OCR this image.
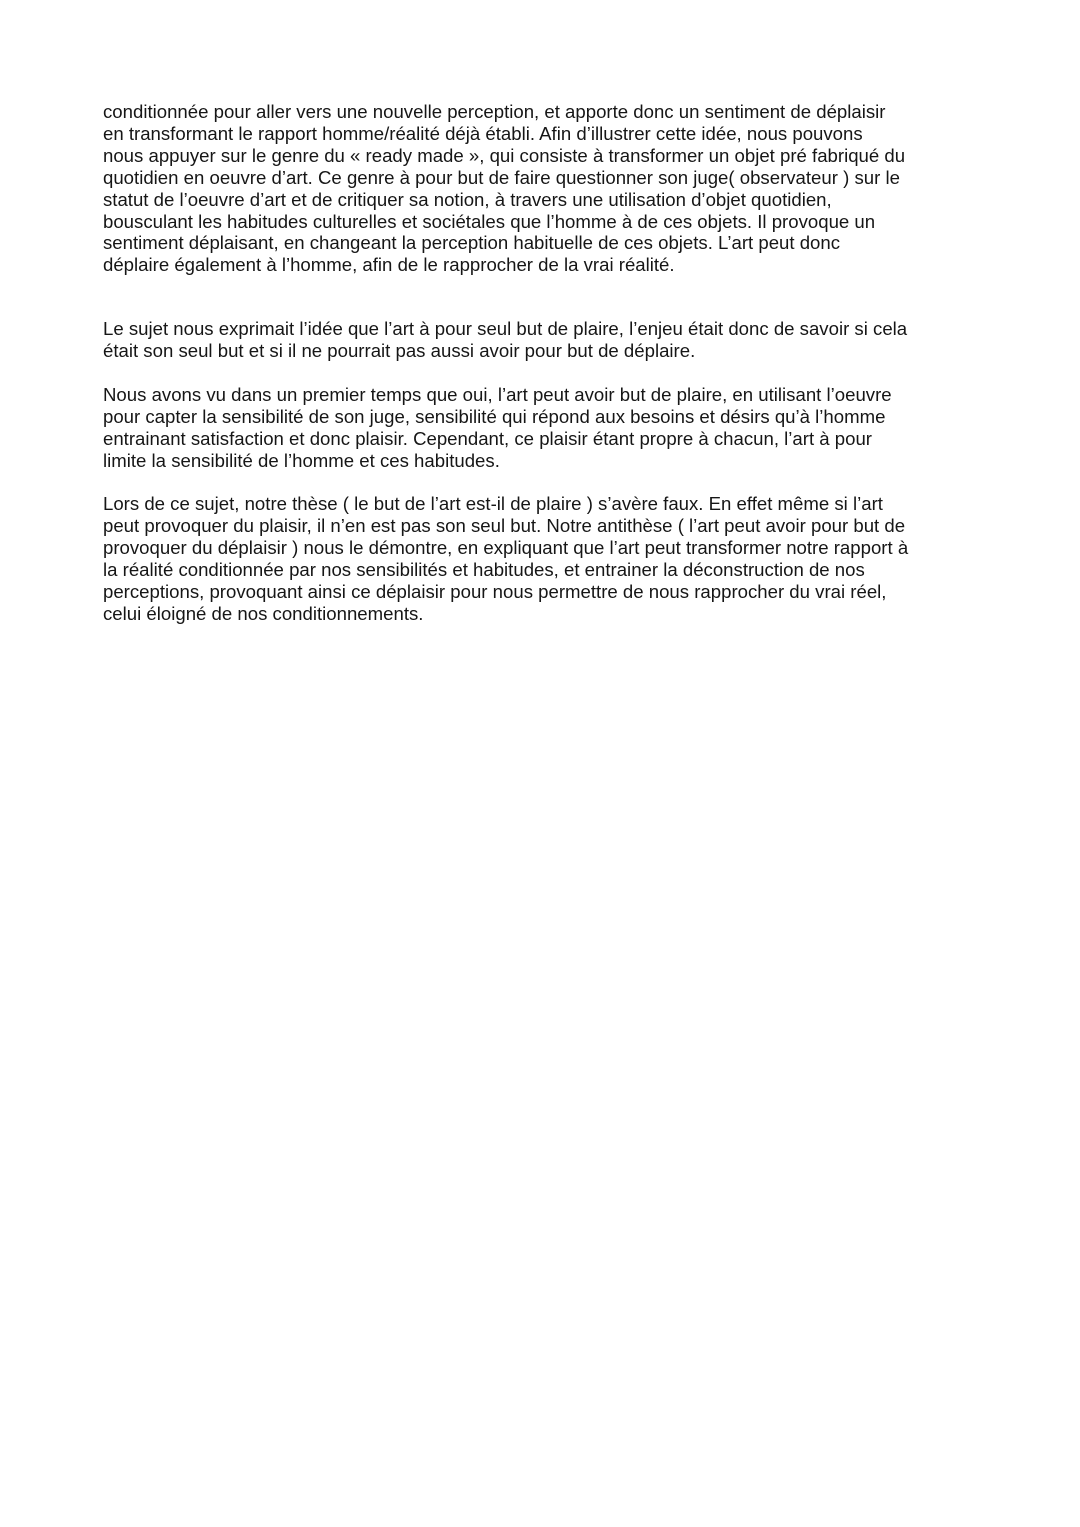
conditionnée pour aller vers une nouvelle perception, et apporte donc un sentiment de déplaisir
en transformant le rapport homme/réalité déjà établi. Afin d’illustrer cette idée, nous pouvons
nous appuyer sur le genre du « ready made », qui consiste à transformer un objet pré fabriqué du
quotidien en oeuvre d’art. Ce genre à pour but de faire questionner son juge( observateur ) sur le
statut de l’oeuvre d’art et de critiquer sa notion, à travers une utilisation d’objet quotidien,
bousculant les habitudes culturelles et sociétales que l’homme à de ces objets. Il provoque un
sentiment déplaisant, en changeant la perception habituelle de ces objets. L’art peut donc
déplaire également à l’homme, afin de le rapprocher de la vrai réalité.

Le sujet nous exprimait l’idée que l’art à pour seul but de plaire, l’enjeu était donc de savoir si cela
était son seul but et si il ne pourrait pas aussi avoir pour but de déplaire.

Nous avons vu dans un premier temps que oui, l’art peut avoir but de plaire, en utilisant l’oeuvre
pour capter la sensibilité de son juge, sensibilité qui répond aux besoins et désirs qu’à l’homme
entrainant satisfaction et donc plaisir. Cependant, ce plaisir étant propre à chacun, l’art à pour
limite la sensibilité de l’homme et ces habitudes.

Lors de ce sujet, notre thèse ( le but de l’art est-il de plaire ) s’avère faux. En effet même si l’art
peut provoquer du plaisir, il n’en est pas son seul but. Notre antithèse ( l’art peut avoir pour but de
provoquer du déplaisir ) nous le démontre, en expliquant que l’art peut transformer notre rapport à
la réalité conditionnée par nos sensibilités et habitudes, et entrainer la déconstruction de nos
perceptions, provoquant ainsi ce déplaisir pour nous permettre de nous rapprocher du vrai réel,
celui éloigné de nos conditionnements.
